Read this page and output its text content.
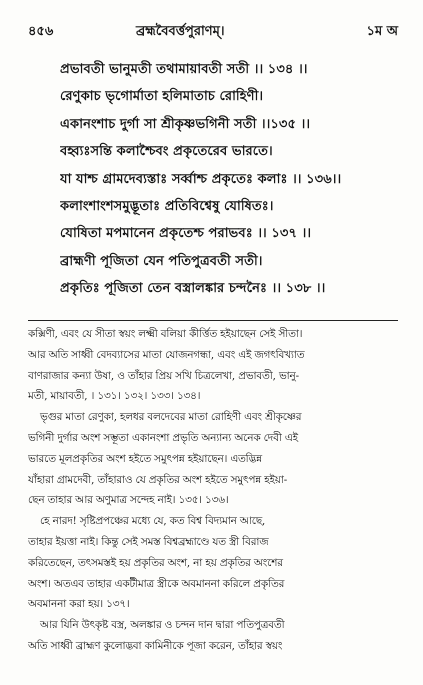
৪৫৬	ব্রহ্মবৈবর্ত্তপুরাণম্।	১ম অ
প্রভাবতী ভানুমতী তথামায়াবতী সতী ।। ১৩৪ ।।
রেণুকাচ ভৃগোর্মাতা হলিমাতাচ রোহিণী।
একানংশাচ দুর্গা সা শ্রীকৃষ্ণভগিনী সতী ।।১৩৫ ।।
বহ্ব্যঃসন্তি কলাশ্চৈবং প্রকৃতেরেব ভারতে।
যা যাশ্চ গ্রামদেব্যস্তাঃ সর্ব্বাশ্চ প্রকৃতেঃ কলাঃ ।। ১৩৬।।
কলাংশাংশসমুদ্ভূতাঃ প্রতিবিশ্বেষু যোষিতঃ।
যোষিতা মপমানেন প্রকৃতেশ্চ পরাভবঃ ।। ১৩৭ ।।
ব্রাহ্মণী পূজিতা যেন পতিপুত্রবতী সতী।
প্রকৃতিঃ পূজিতা তেন বস্ত্রালঙ্কার চন্দনৈঃ ।। ১৩৮ ।।
কক্সিণী, এবং যে সীতা স্বয়ং লক্ষ্মী বলিয়া কীর্ত্তিত হইয়াছেন সেই সীতা।
আর অতি সাধ্বী বেদব্যাসের মাতা যোজনগন্ধা, এবং এই জগৎবিখ্যাত
বাণরাজার কন্যা উষা, ও তাঁহার প্রিয় সখি চিত্রলেখা, প্রভাবতী, ভানু-
মতী, মায়াবতী, । ১৩১। ১৩২। ১৩৩। ১৩৪।
ভৃগুর মাতা রেণুকা, হলধর বলদেবের মাতা রোহিণী এবং শ্রীকৃষ্ণের
ভগিনী দুর্গার অংশ সম্ভূতা একানংশা প্রভৃতি অন্যান্য অনেক দেবী এই
ভারতে মূলপ্রকৃতির অংশ হইতে সমুৎপন্ন হইয়াছেন। এতদ্ভিন্ন
যাঁহারা গ্রামদেবী, তাঁহারাও যে প্রকৃতির অংশ হইতে সমুৎপন্ন হইয়া-
ছেন তাহার আর অণুমাত্র সন্দেহ নাই। ১৩৫। ১৩৬।
হে নারদ! সৃষ্টিপ্রপঞ্চের মধ্যে যে, কত বিশ্ব বিদ্যমান আছে,
তাহার ইয়ত্তা নাই। কিন্তু সেই সমস্ত বিশ্বব্রহ্মাণ্ডে যত স্ত্রী বিরাজ
করিতেছেন, তৎসমস্তই হয় প্রকৃতির অংশ, না হয় প্রকৃতির অংশের
অংশ। অতএব তাহার একটীমাত্র স্ত্রীকে অবমাননা করিলে প্রকৃতির
অবমাননা করা হয়। ১৩৭।
আর যিনি উৎকৃষ্ট বস্ত্র, অলঙ্কার ও চন্দন দান দ্বারা পতিপুত্রবতী
অতি সাধ্বী ব্রাহ্মণ কুলোদ্ভবা কামিনীকে পূজা করেন, তাঁহার স্বয়ং
